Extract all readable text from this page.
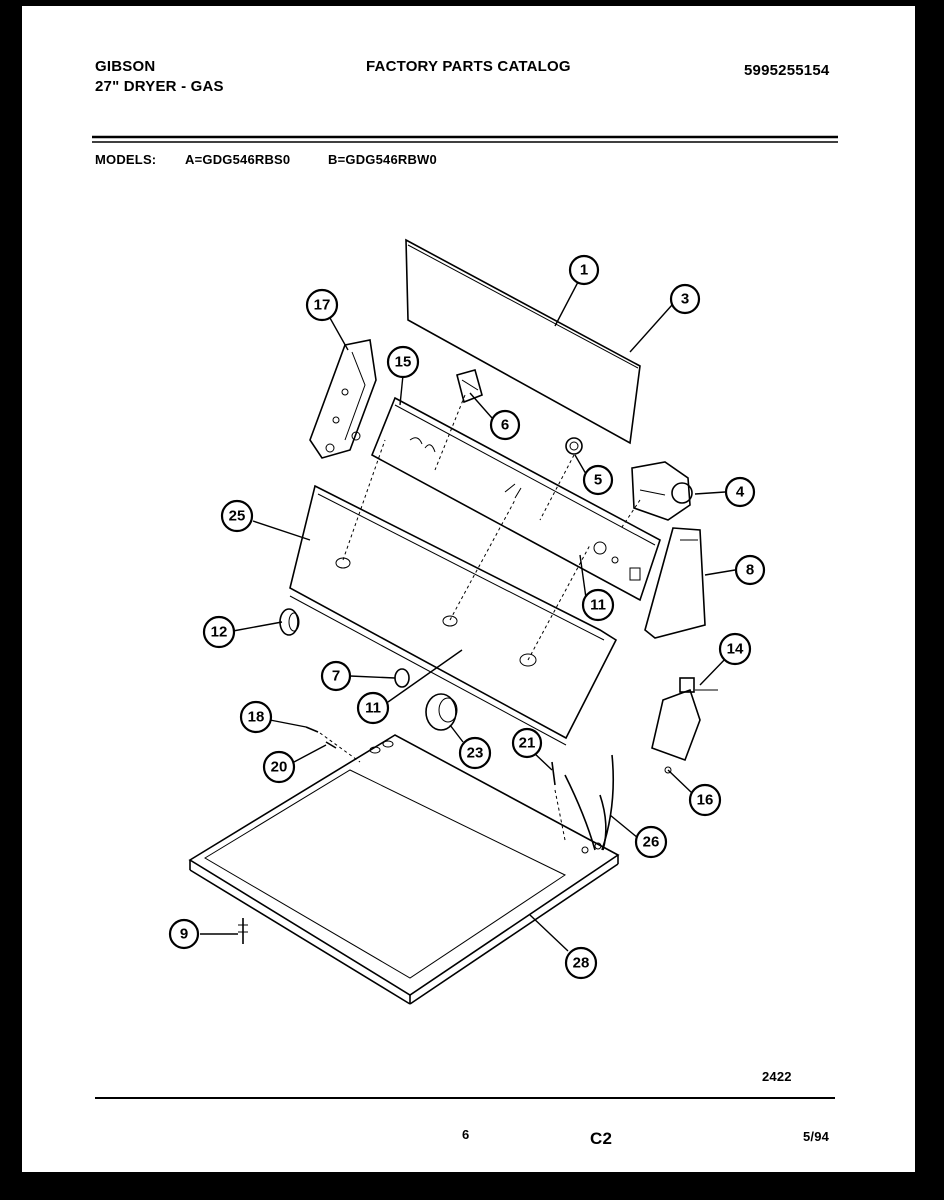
GIBSON
27" DRYER - GAS
FACTORY PARTS CATALOG	5995255154
MODELS: A=GDG546RBS0	B=GDG546RBW0
2422
6	C2	5/94
1
3
17
15
6
5
4
25
8
11
12
7
11
14
18
23
21
20
26
16
9
28
